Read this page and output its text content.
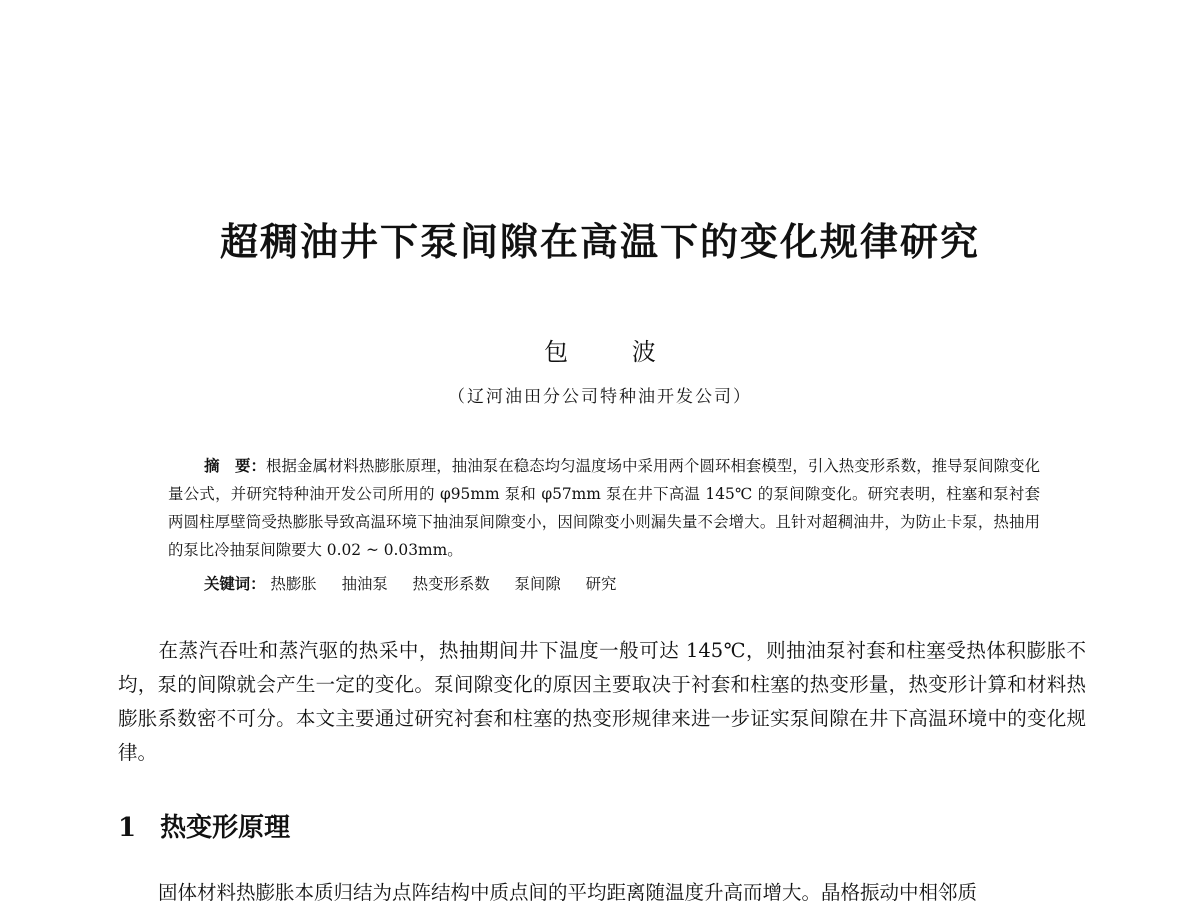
超稠油井下泵间隙在高温下的变化规律研究
包 波
（辽河油田分公司特种油开发公司）

摘　要：根据金属材料热膨胀原理，抽油泵在稳态均匀温度场中采用两个圆环相套模型，引入热变形系数，推导泵间隙变化量公式，并研究特种油开发公司所用的 φ95mm 泵和 φ57mm 泵在井下高温 145℃ 的泵间隙变化。研究表明，柱塞和泵衬套两圆柱厚壁筒受热膨胀导致高温环境下抽油泵间隙变小，因间隙变小则漏失量不会增大。且针对超稠油井，为防止卡泵，热抽用的泵比冷抽泵间隙要大 0.02 ~ 0.03mm。

关键词： 热膨胀 抽油泵 热变形系数 泵间隙 研究

在蒸汽吞吐和蒸汽驱的热采中，热抽期间井下温度一般可达 145℃，则抽油泵衬套和柱塞受热体积膨胀不均，泵的间隙就会产生一定的变化。泵间隙变化的原因主要取决于衬套和柱塞的热变形量，热变形计算和材料热膨胀系数密不可分。本文主要通过研究衬套和柱塞的热变形规律来进一步证实泵间隙在井下高温环境中的变化规律。

1 热变形原理

固体材料热膨胀本质归结为点阵结构中质点间的平均距离随温度升高而增大。晶格振动中相邻质
